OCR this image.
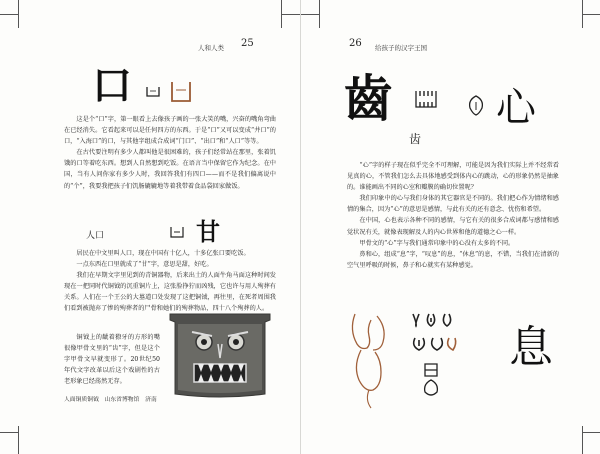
人和人类 25
口

这是个“口”字，第一眼看上去像孩子画的一张大笑的嘴，兴奋的嘴角弯曲在已经消失。它看起来可以是任何四方的东西。于是“口”又可以变成“井口”的口，“入海口”的口，与其他字组成合成词“门口”、“出口”和“人口”等等。

在古代要注明有多少人都叫他是很困难的，孩子们经常站在那里，张着饥饿的口等着吃东西。想到人自然想到吃饭。在语言当中保留它作为纪念。在中国，当有人问你家有多少人时，我回答我们有四口——而不是我们偏离说中的“个”，我要我把孩子们饥肠辘辘地等着我带着食品袋回家做饭。

人口	甘

居民在中文里叫人口，现在中国有十亿人，十多亿张口要吃饭。

一点东西在口里就成了“甘”字，意思是甜，好吃。

我们在早期文字里见到的青铜器物，后来出土的人面牛角马面这种时间发现在一把同时代铜钺的沉重铜片上，这张脸挣狞而凶残，它也许与用人殉葬有关系。人们在一个王公的大墓道口处发现了这把铜钺，再往里，在死者周围我们看到被抛弃了惨的殉葬者的尸骨和她们的殉葬物品，四十八个殉葬的人。

铜钺上的龇着獠牙的方形的嘴很像甲骨文里的“齿”字，但是这个字甲骨文早就变形了。20世纪50年代文字改革以后这个戏剧性的古老形象已经荡然无存。

人面铜质铜钺　山东省博物馆　济南
26 给孩子的汉字王国
齒
齿
心

“心”字的样子现在似乎完全不可理解，可能是因为我们实际上并不经常看见真的心，不管我们怎么去具体地感受到体内心的跳动，心的形象仍然是抽象的。谁能画出不同的心室和瓣膜的确切位置呢？

我们印象中的心与我们身体的其它器官是不同的。我们把心作为情绪和感情的集合，因为“心”的意思是感情，与此有关的还有意念、忧伤和希望。

在中国，心也表示各种不同的感情，与它有关的很多合成词都与感情和感觉状况有关，就像表现解及人的内心世界和他的道德之心一样。

甲骨文的“心”字与我们通常印象中的心没有太多的不同。

鼻和心，组成“息”字，“叹息”的息，“休息”的息，不错，当我们在清新的空气里呼吸的时候，鼻子和心就实有某种感觉。

息
